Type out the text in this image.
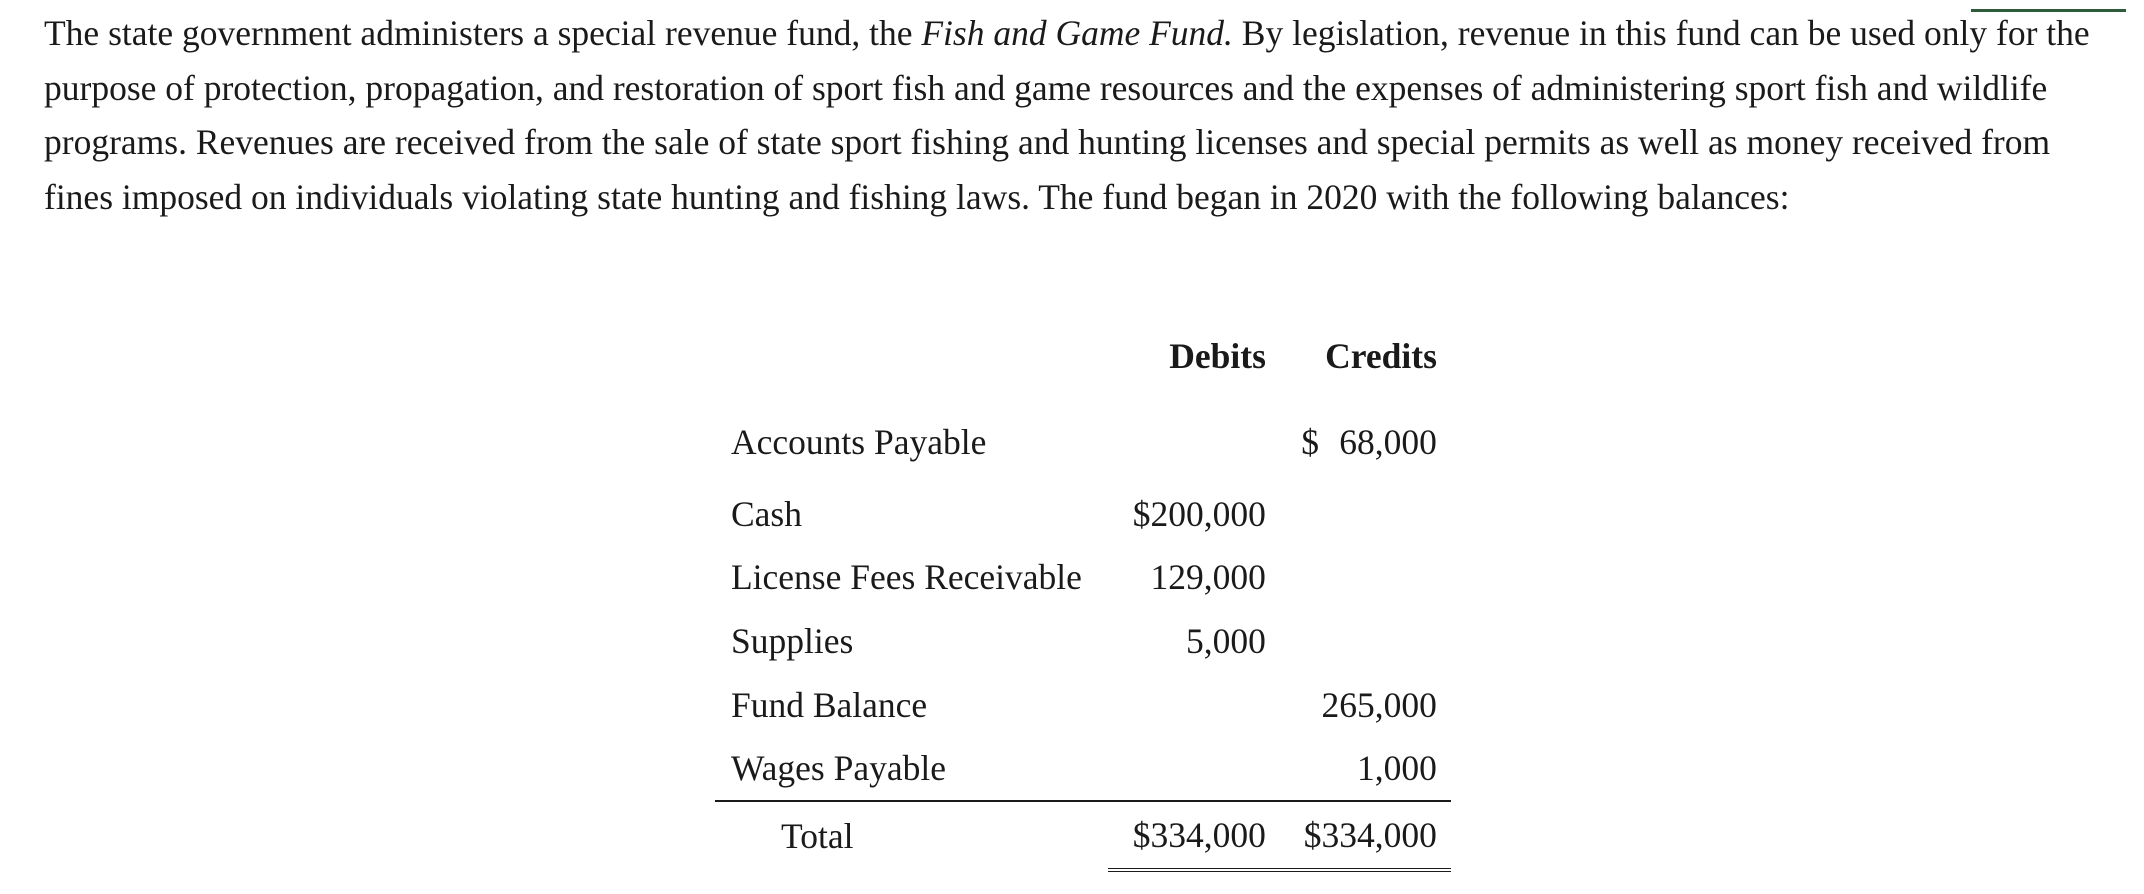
The state government administers a special revenue fund, the Fish and Game Fund. By legislation, revenue in this fund can be used only for the purpose of protection, propagation, and restoration of sport fish and game resources and the expenses of administering sport fish and wildlife programs. Revenues are received from the sale of state sport fishing and hunting licenses and special permits as well as money received from fines imposed on individuals violating state hunting and fishing laws. The fund began in 2020 with the following balances:

	Debits	Credits
Accounts Payable		$ 68,000
Cash	$200,000	
License Fees Receivable	129,000	
Supplies	5,000	
Fund Balance		265,000
Wages Payable		1,000
Total	$334,000	$334,000
